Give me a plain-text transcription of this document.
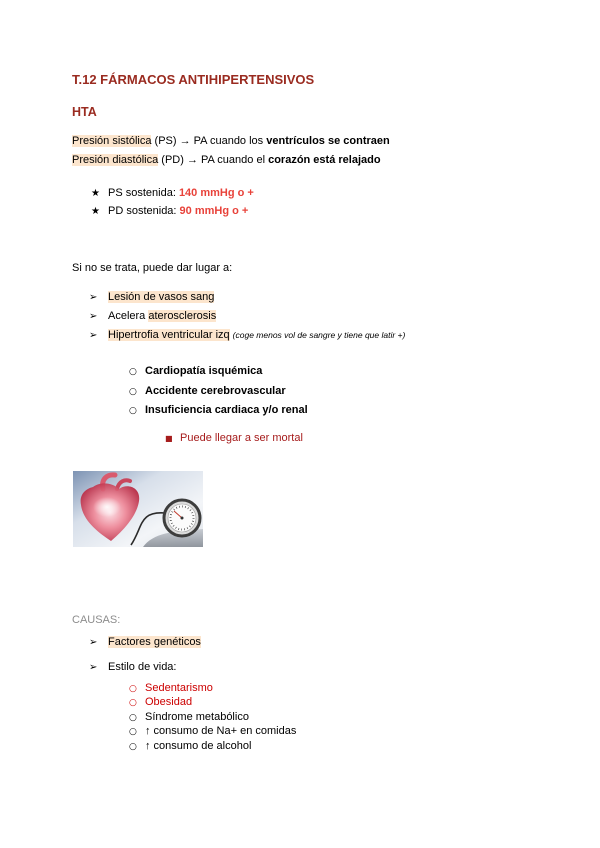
T.12 FÁRMACOS ANTIHIPERTENSIVOS
HTA
Presión sistólica (PS) → PA cuando los ventrículos se contraen
Presión diastólica (PD) → PA cuando el corazón está relajado
★ PS sostenida: 140 mmHg o +
★ PD sostenida: 90 mmHg o +
Si no se trata, puede dar lugar a:
➢ Lesión de vasos sang
➢ Acelera aterosclerosis
➢ Hipertrofia ventricular izq (coge menos vol de sangre y tiene que latir +)
○ Cardiopatía isquémica
○ Accidente cerebrovascular
○ Insuficiencia cardiaca y/o renal
■ Puede llegar a ser mortal
CAUSAS:
➢ Factores genéticos
➢ Estilo de vida:
○ Sedentarismo
○ Obesidad
○ Síndrome metabólico
○ ↑ consumo de Na+ en comidas
○ ↑ consumo de alcohol
